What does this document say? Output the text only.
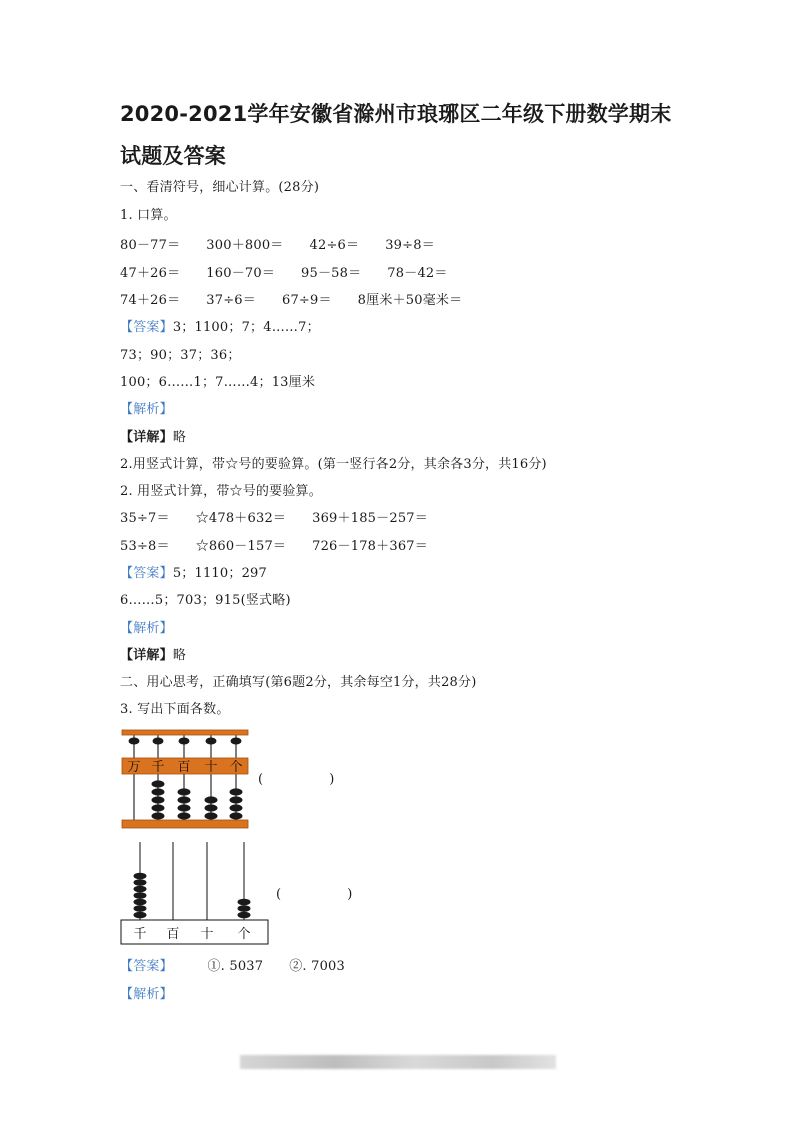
2020-2021学年安徽省滁州市琅琊区二年级下册数学期末试题及答案
一、看清符号，细心计算。(28分)
1. 口算。
80－77＝      300＋800＝      42÷6＝      39÷8＝
47＋26＝      160－70＝      95－58＝      78－42＝
74＋26＝      37÷6＝      67÷9＝      8厘米＋50毫米＝
【答案】3；1100；7；4……7；
73；90；37；36；
100；6……1；7……4；13厘米
【解析】
【详解】略
2.用竖式计算，带☆号的要验算。(第一竖行各2分，其余各3分，共16分)
2. 用竖式计算，带☆号的要验算。
35÷7＝      ☆478＋632＝      369＋185－257＝
53÷8＝      ☆860－157＝      726－178＋367＝
【答案】5；1110；297
6……5；703；915(竖式略)
【解析】
【详解】略
二、用心思考，正确填写(第6题2分，其余每空1分，共28分)
3. 写出下面各数。
万 千 百 十 个
(　　　　　)
千 百 十 个
(　　　　　)
【答案】	①. 5037      ②. 7003
【解析】
